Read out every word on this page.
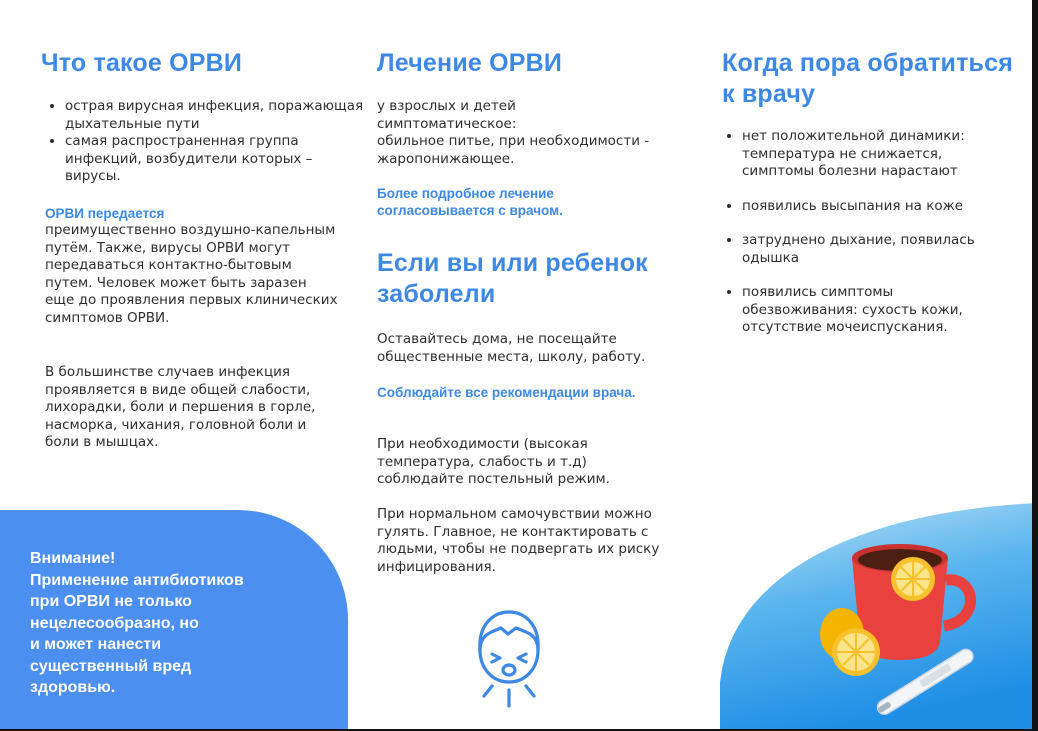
Что такое ОРВИ
• острая вирусная инфекция, поражающая дыхательные пути
• самая распространенная группа инфекций, возбудители которых – вирусы.
ОРВИ передается
преимущественно воздушно-капельным путём. Также, вирусы ОРВИ могут передаваться контактно-бытовым путем. Человек может быть заразен еще до проявления первых клинических симптомов ОРВИ.
В большинстве случаев инфекция проявляется в виде общей слабости, лихорадки, боли и першения в горле, насморка, чихания, головной боли и боли в мышцах.
Внимание!
Применение антибиотиков
при ОРВИ не только
нецелесообразно, но
и может нанести
существенный вред
здоровью.
Лечение ОРВИ
у взрослых и детей
симптоматическое:
обильное питье, при необходимости -
жаропонижающее.
Более подробное лечение согласовывается с врачом.
Если вы или ребенок заболели
Оставайтесь дома, не посещайте общественные места, школу, работу.
Соблюдайте все рекомендации врача.
При необходимости (высокая температура, слабость и т.д) соблюдайте постельный режим.
При нормальном самочувствии можно гулять. Главное, не контактировать с людьми, чтобы не подвергать их риску инфицирования.
Когда пора обратиться к врачу
• нет положительной динамики: температура не снижается, симптомы болезни нарастают
• появились высыпания на коже
• затруднено дыхание, появилась одышка
• появились симптомы обезвоживания: сухость кожи, отсутствие мочеиспускания.
